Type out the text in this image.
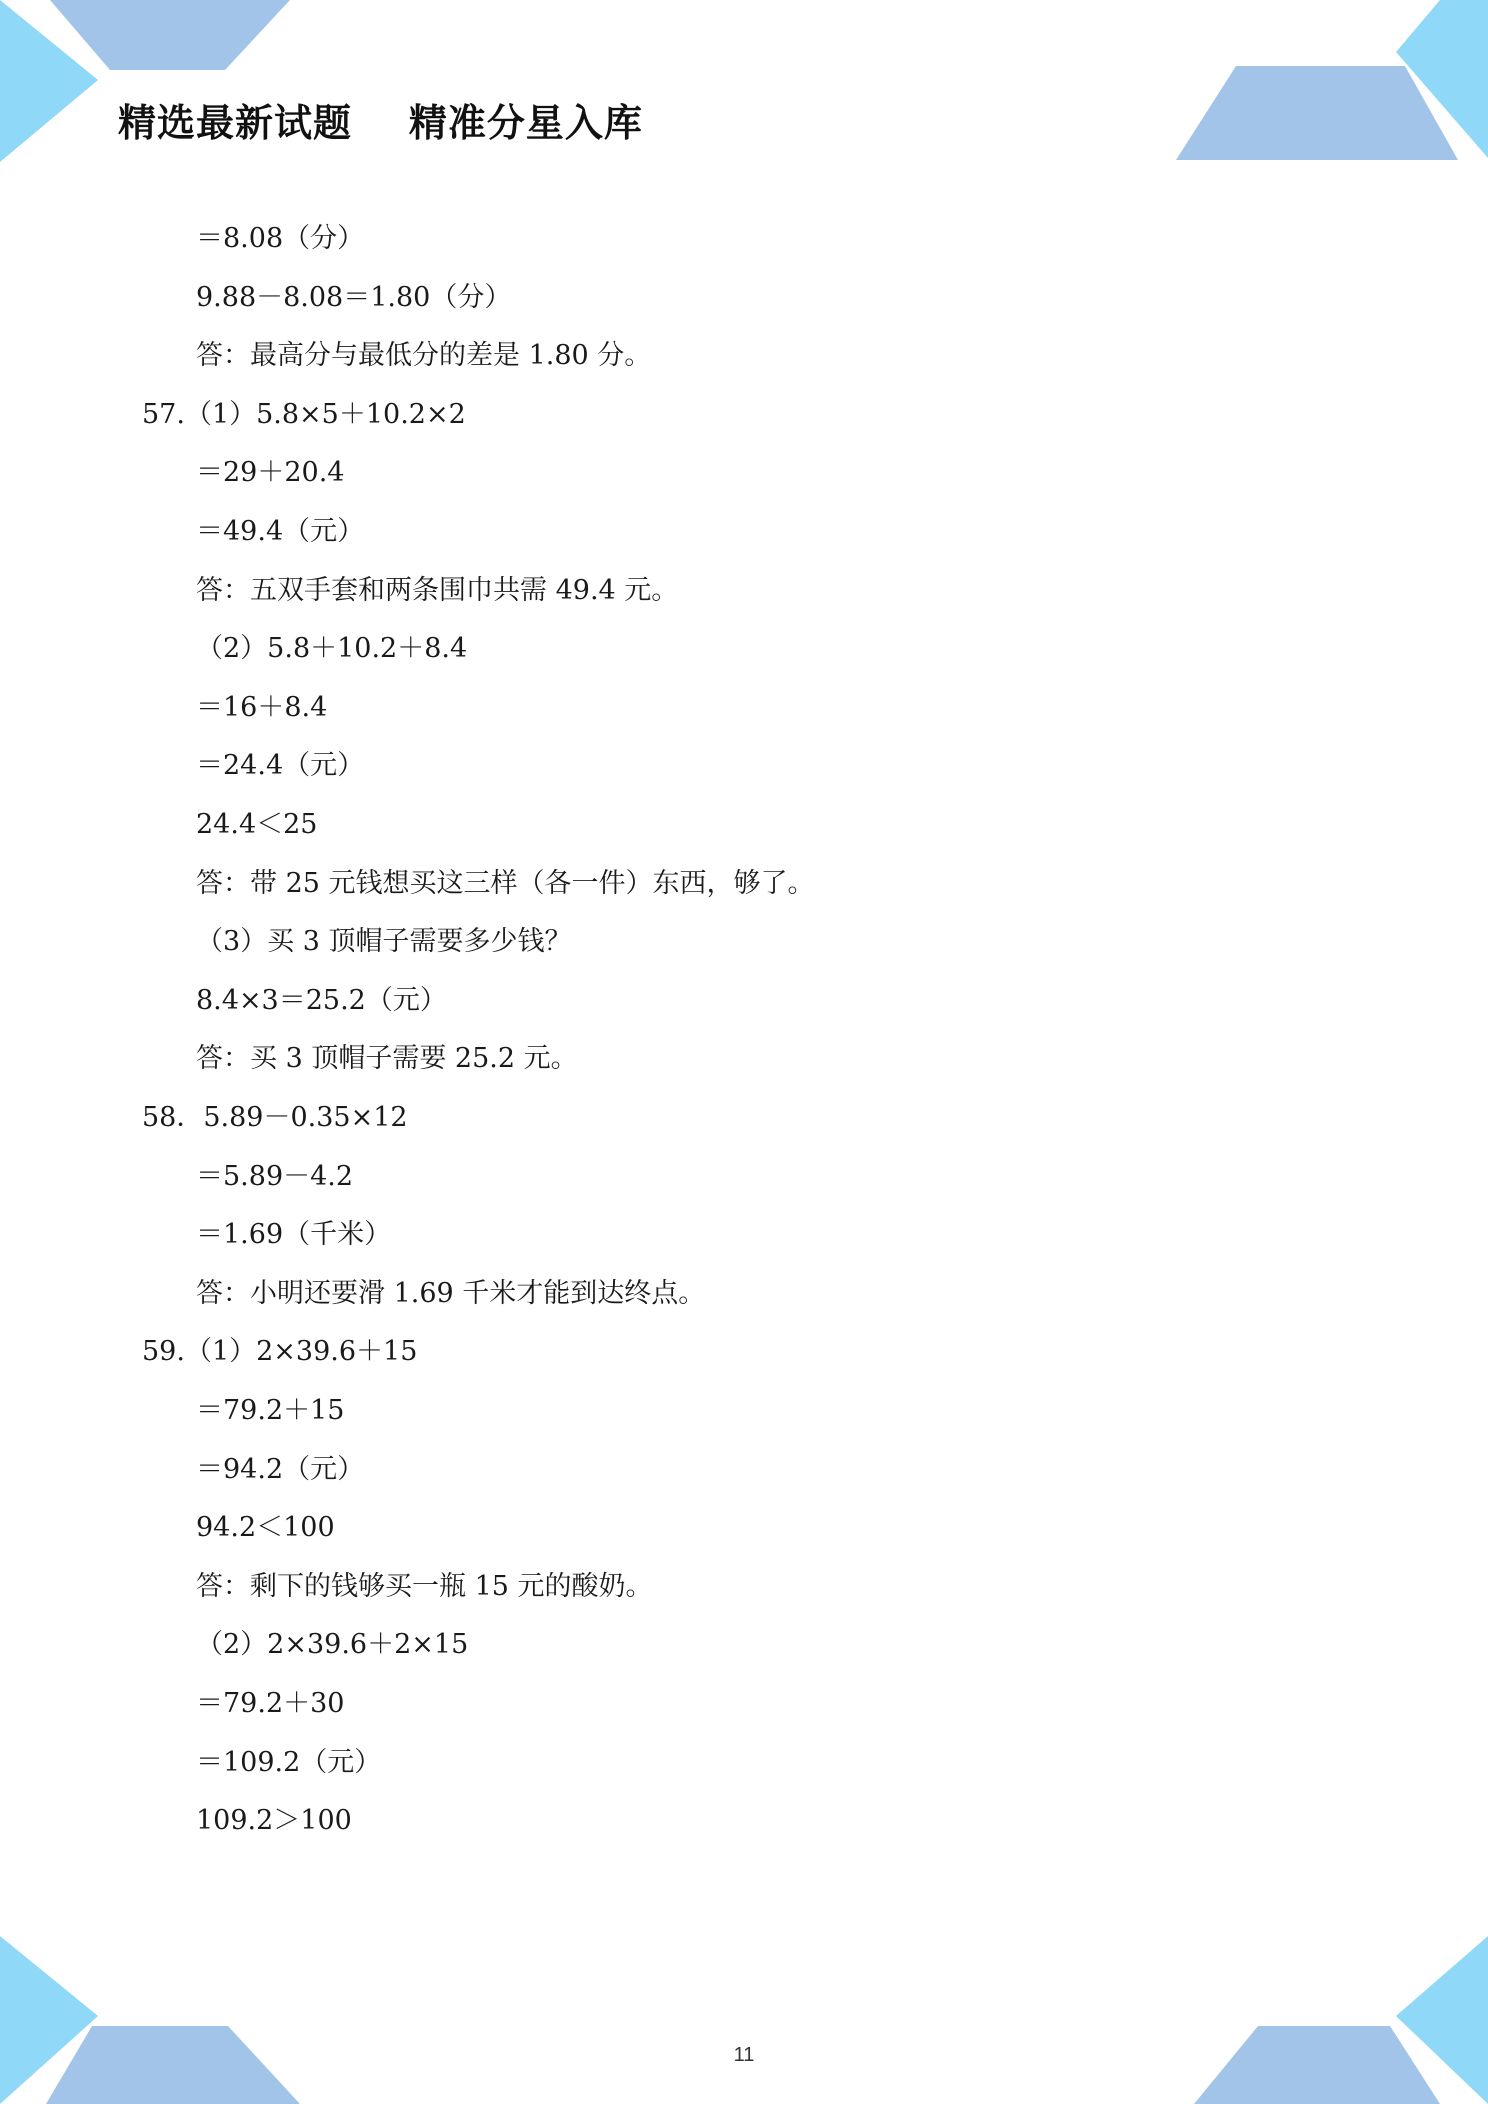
精选最新试题    精准分星入库
＝8.08（分）
9.88－8.08＝1.80（分）
答：最高分与最低分的差是 1.80 分。
57.（1）5.8×5＋10.2×2
＝29＋20.4
＝49.4（元）
答：五双手套和两条围巾共需 49.4 元。
（2）5.8＋10.2＋8.4
＝16＋8.4
＝24.4（元）
24.4＜25
答：带 25 元钱想买这三样（各一件）东西，够了。
（3）买 3 顶帽子需要多少钱？
8.4×3＝25.2（元）
答：买 3 顶帽子需要 25.2 元。
58．5.89－0.35×12
＝5.89－4.2
＝1.69（千米）
答：小明还要滑 1.69 千米才能到达终点。
59.（1）2×39.6＋15
＝79.2＋15
＝94.2（元）
94.2＜100
答：剩下的钱够买一瓶 15 元的酸奶。
（2）2×39.6＋2×15
＝79.2＋30
＝109.2（元）
109.2＞100
11
